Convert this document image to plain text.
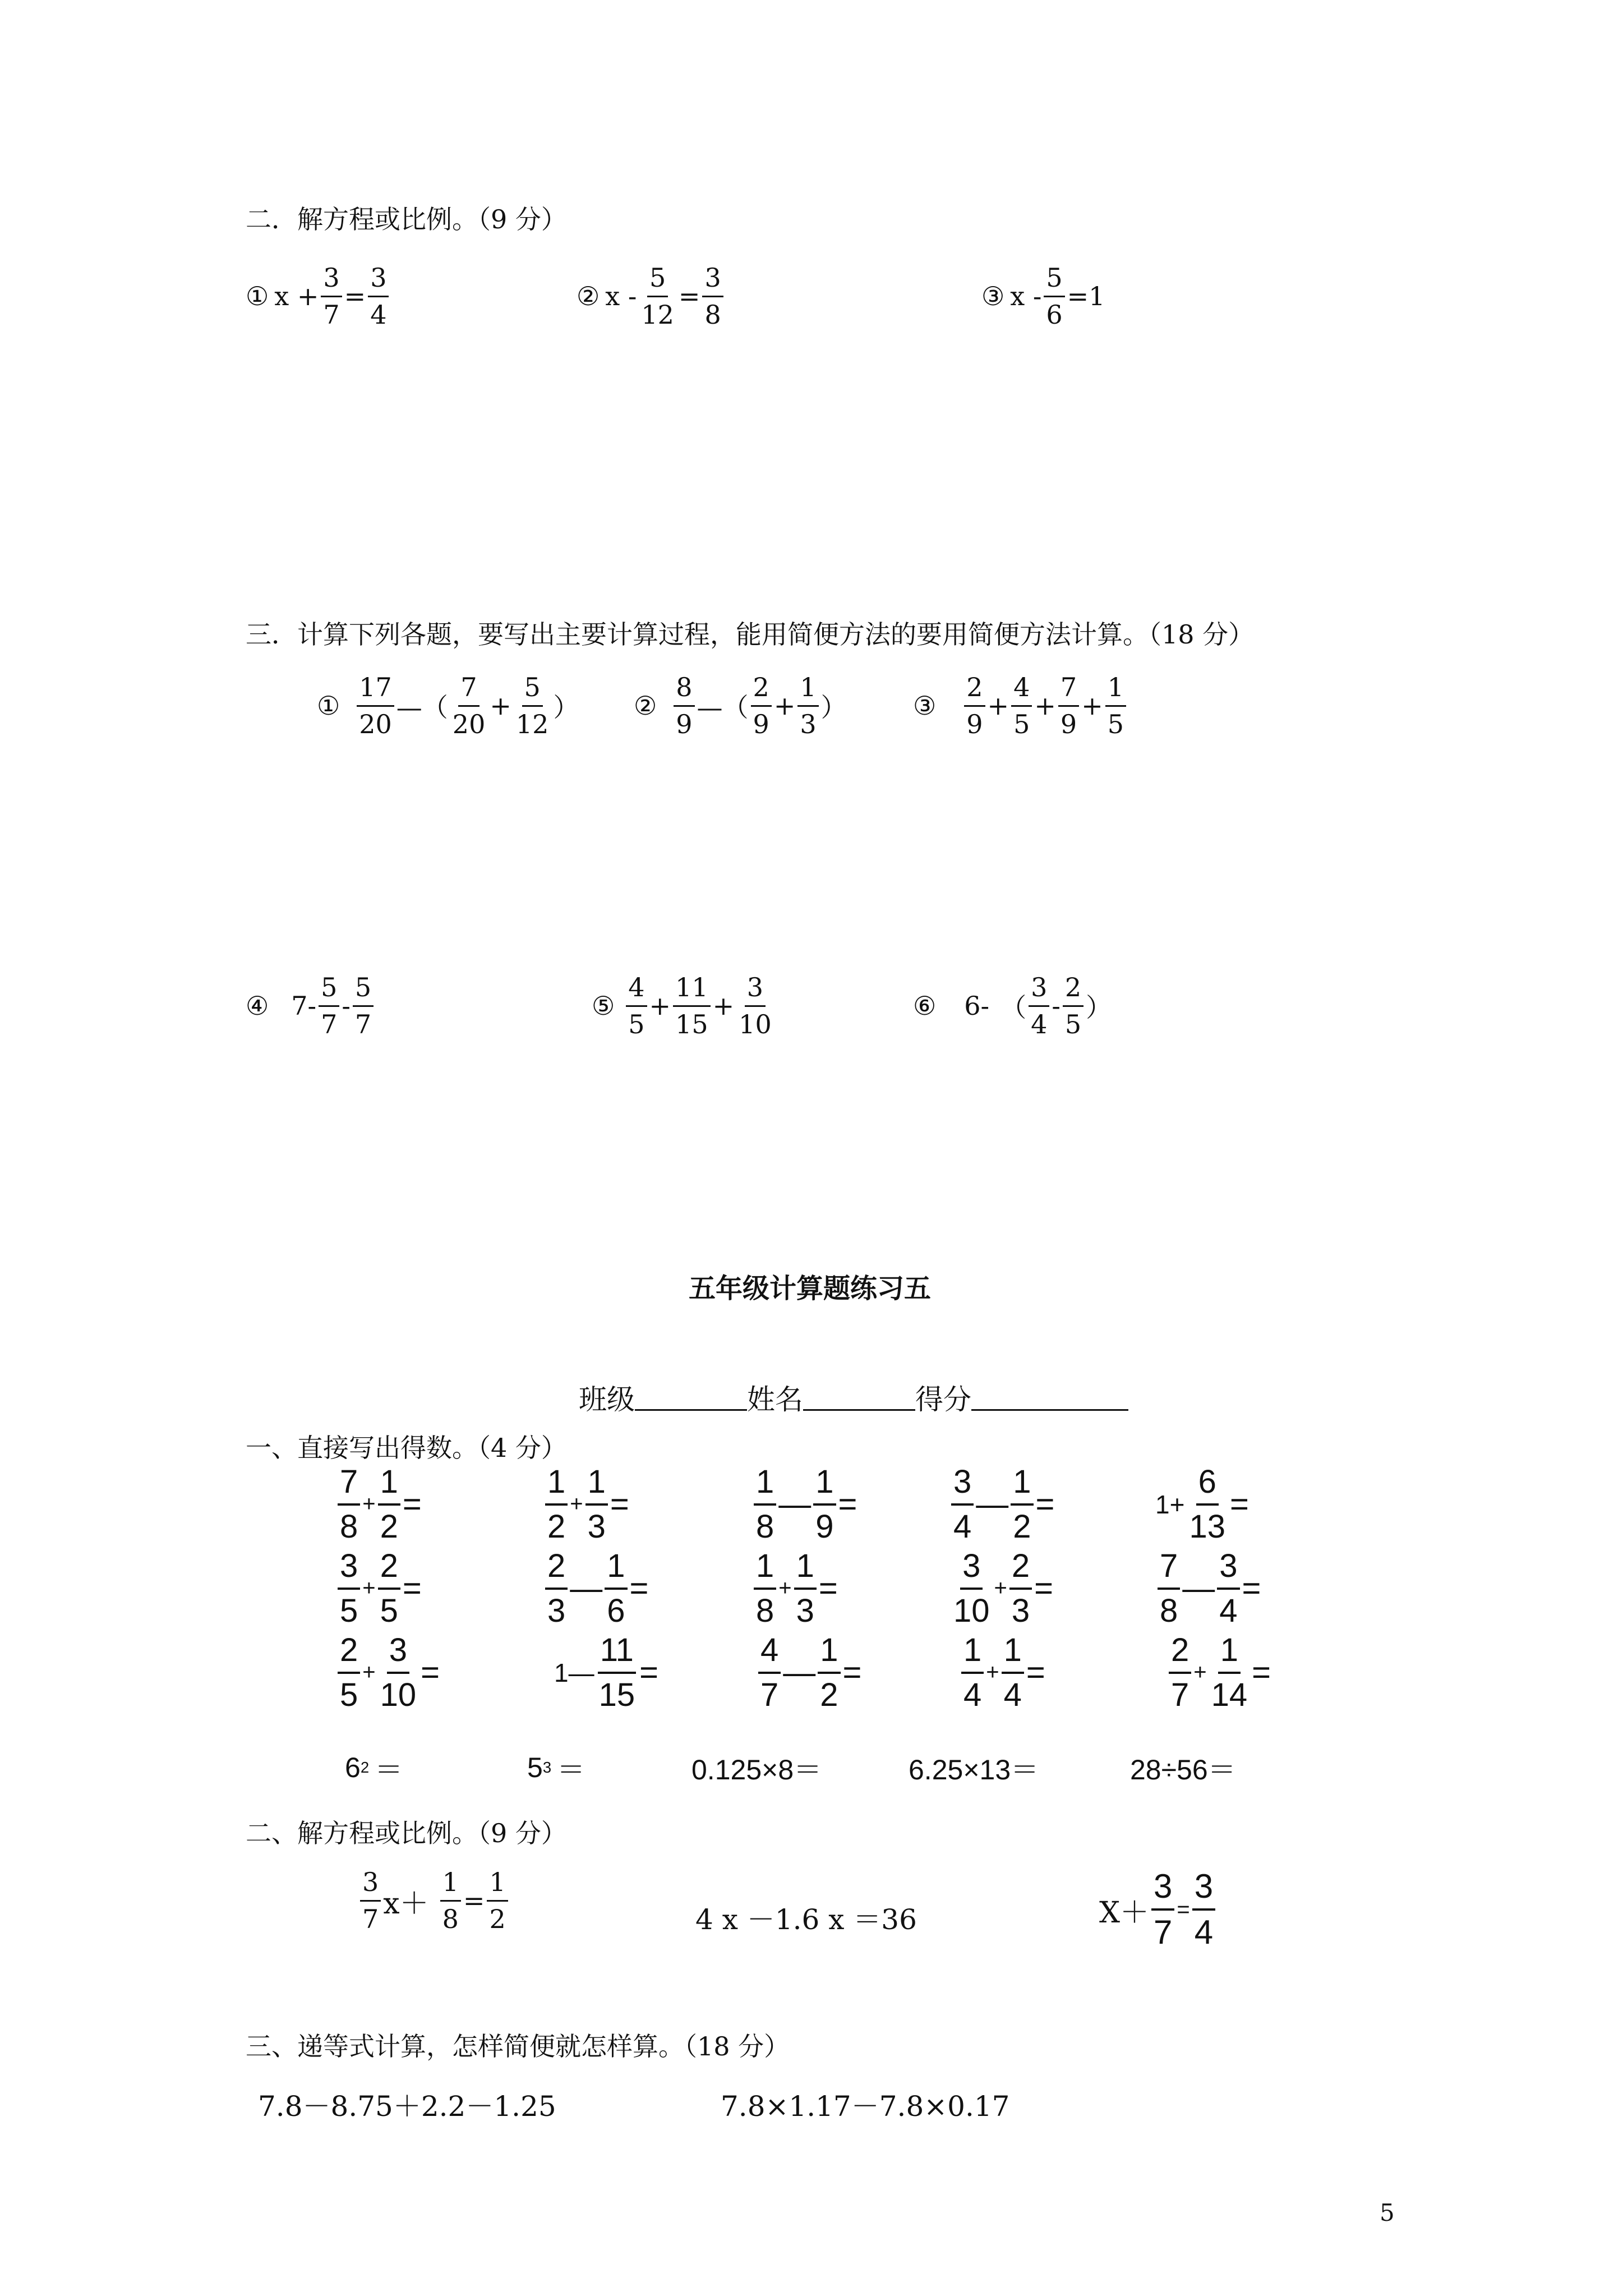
二．解方程或比例。（9 分）
① $x + \frac{3}{7} = \frac{3}{4}$	② $x - \frac{5}{12} = \frac{3}{8}$	③ $x - \frac{5}{6} =1$
三．计算下列各题，要写出主要计算过程，能用简便方法的要用简便方法计算。（18 分）
① $\frac{17}{20}$ —（ $\frac{7}{20} + \frac{5}{12}$ ） ② $\frac{8}{9}$ —（ $\frac{2}{9} + \frac{1}{3}$ ）	③ $\frac{2}{9} + \frac{4}{5} + \frac{7}{9} + \frac{1}{5}$
④ $7- \frac{5}{7} - \frac{5}{7}$	⑤ $\frac{4}{5} + \frac{11}{15} + \frac{3}{10}$	⑥ 6- （ $\frac{3}{4} - \frac{2}{5}$ ）
五年级计算题练习五
班级	姓名	得分
一、直接写出得数。（4 分）
$\frac{7}{8} + \frac{1}{2}$ =	$\frac{1}{2} + \frac{1}{3}$ =	$\frac{1}{8}$ — $\frac{1}{9}$ =	$\frac{3}{4}$ — $\frac{1}{2}$ =	$1+ \frac{6}{13}$ =
$\frac{3}{5} + \frac{2}{5}$ =	$\frac{2}{3}$ — $\frac{1}{6}$ =	$\frac{1}{8} + \frac{1}{3}$ =	$\frac{3}{10} + \frac{2}{3}$ =	$\frac{7}{8}$ — $\frac{3}{4}$ =
$\frac{2}{5} + \frac{3}{10}$ =	1— $\frac{11}{15}$ =	$\frac{4}{7}$ — $\frac{1}{2}$ =	$\frac{1}{4} + \frac{1}{4}$ =	$\frac{2}{7} + \frac{1}{14}$ =
6 2 ＝	5 3 ＝	0.125×8＝	6.25×13＝	28÷56＝
二、解方程或比例。（9 分）
$\frac{3}{7} x+ \frac{1}{8} = \frac{1}{2}$	4 x －1.6 x ＝36	$X+ \frac{3}{7} = \frac{3}{4}$
三、递等式计算，怎样简便就怎样算。（18 分）
7.8－8.75＋2.2－1.25	7.8×1.17－7.8×0.17
5
